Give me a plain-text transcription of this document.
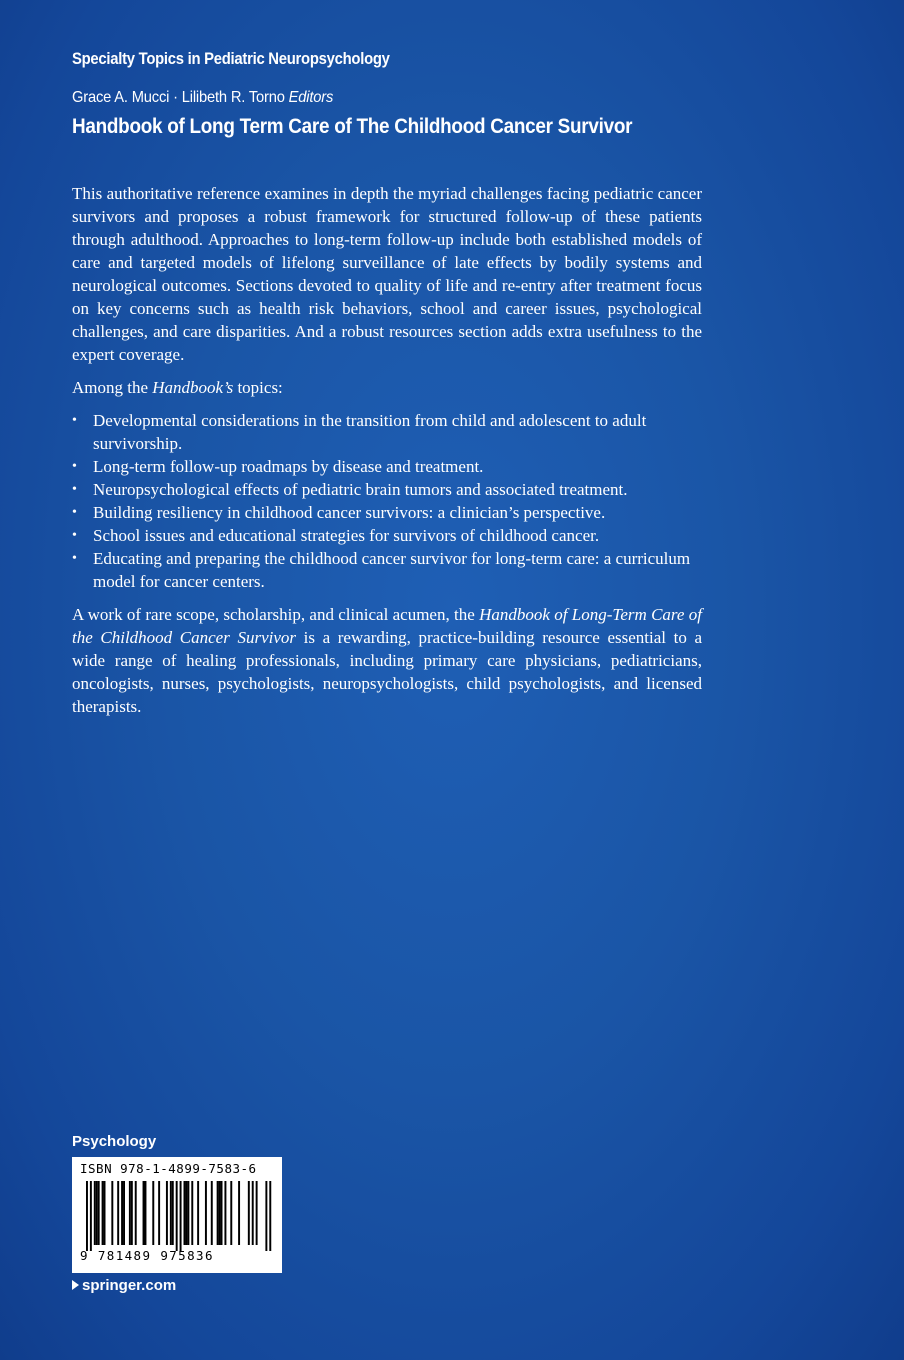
Specialty Topics in Pediatric Neuropsychology
Grace A. Mucci · Lilibeth R. Torno Editors
Handbook of Long Term Care of The Childhood Cancer Survivor

This authoritative reference examines in depth the myriad challenges facing pediatric cancer survivors and proposes a robust framework for structured follow-up of these patients through adulthood. Approaches to long-term follow-up include both established models of care and targeted models of lifelong surveillance of late effects by bodily systems and neurological outcomes. Sections devoted to quality of life and re-entry after treatment focus on key concerns such as health risk behaviors, school and career issues, psychological challenges, and care disparities. And a robust resources section adds extra usefulness to the expert coverage.

Among the Handbook’s topics:

• Developmental considerations in the transition from child and adolescent to adult survivorship.
• Long-term follow-up roadmaps by disease and treatment.
• Neuropsychological effects of pediatric brain tumors and associated treatment.
• Building resiliency in childhood cancer survivors: a clinician’s perspective.
• School issues and educational strategies for survivors of childhood cancer.
• Educating and preparing the childhood cancer survivor for long-term care: a curriculum model for cancer centers.

A work of rare scope, scholarship, and clinical acumen, the Handbook of Long-Term Care of the Childhood Cancer Survivor is a rewarding, practice-building resource essential to a wide range of healing professionals, including primary care physicians, pediatricians, oncologists, nurses, psychologists, neuropsychologists, child psychologists, and licensed therapists.

Psychology
ISBN 978-1-4899-7583-6
9 781489 975836
springer.com
